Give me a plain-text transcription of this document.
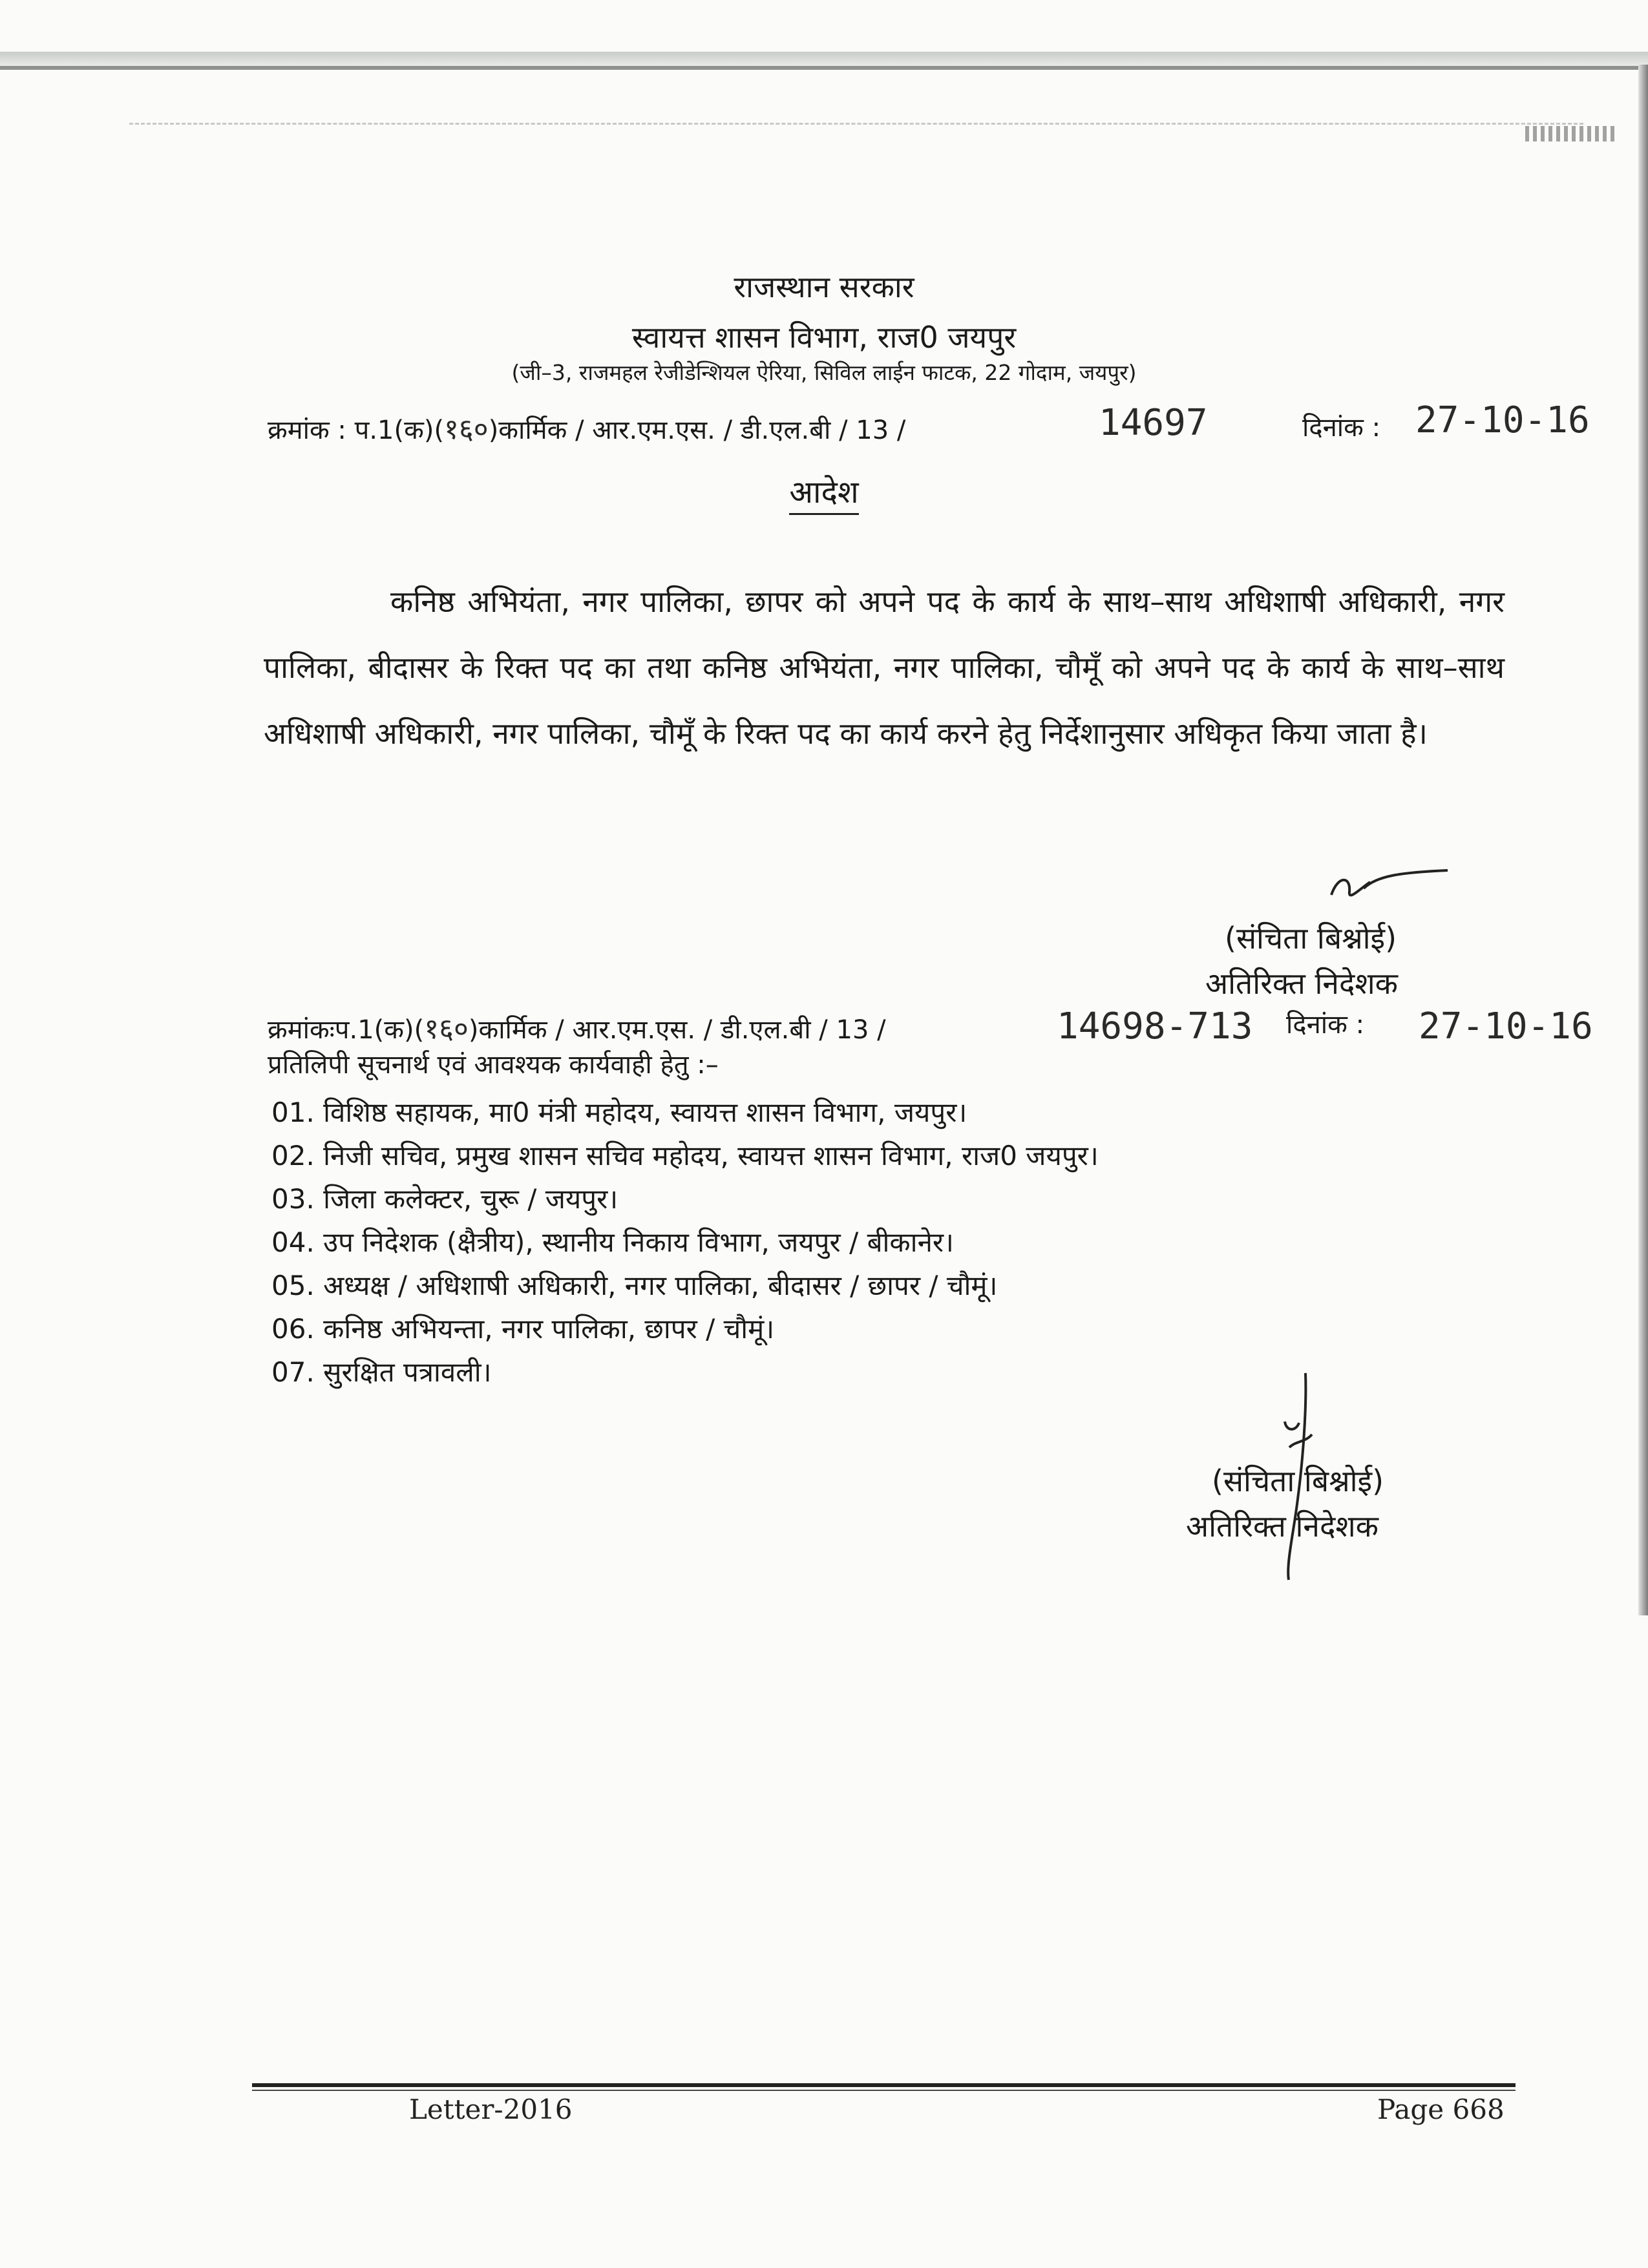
राजस्थान सरकार
स्वायत्त शासन विभाग, राज0 जयपुर
(जी–3, राजमहल रेजीडेन्शियल ऐरिया, सिविल लाईन फाटक, 22 गोदाम, जयपुर)
क्रमांक : प.1(क)(१६०)कार्मिक / आर.एम.एस. / डी.एल.बी / 13 /	14697	दिनांक : 27-10-16
आदेश
कनिष्ठ अभियंता, नगर पालिका, छापर को अपने पद के कार्य के साथ–साथ अधिशाषी अधिकारी, नगर पालिका, बीदासर के रिक्त पद का तथा कनिष्ठ अभियंता, नगर पालिका, चौमूँ को अपने पद के कार्य के साथ–साथ अधिशाषी अधिकारी, नगर पालिका, चौमूँ के रिक्त पद का कार्य करने हेतु निर्देशानुसार अधिकृत किया जाता है।
(संचिता बिश्नोई)
अतिरिक्त निदेशक
क्रमांकःप.1(क)(१६०)कार्मिक / आर.एम.एस. / डी.एल.बी / 13 /	14698-713 दिनांक : 27-10-16
प्रतिलिपी सूचनार्थ एवं आवश्यक कार्यवाही हेतु :–
01. विशिष्ठ सहायक, मा0 मंत्री महोदय, स्वायत्त शासन विभाग, जयपुर।
02. निजी सचिव, प्रमुख शासन सचिव महोदय, स्वायत्त शासन विभाग, राज0 जयपुर।
03. जिला कलेक्टर, चुरू / जयपुर।
04. उप निदेशक (क्षैत्रीय), स्थानीय निकाय विभाग, जयपुर / बीकानेर।
05. अध्यक्ष / अधिशाषी अधिकारी, नगर पालिका, बीदासर / छापर / चौमूं।
06. कनिष्ठ अभियन्ता, नगर पालिका, छापर / चौमूं।
07. सुरक्षित पत्रावली।
(संचिता बिश्नोई)
अतिरिक्त निदेशक
Letter-2016	Page 668
